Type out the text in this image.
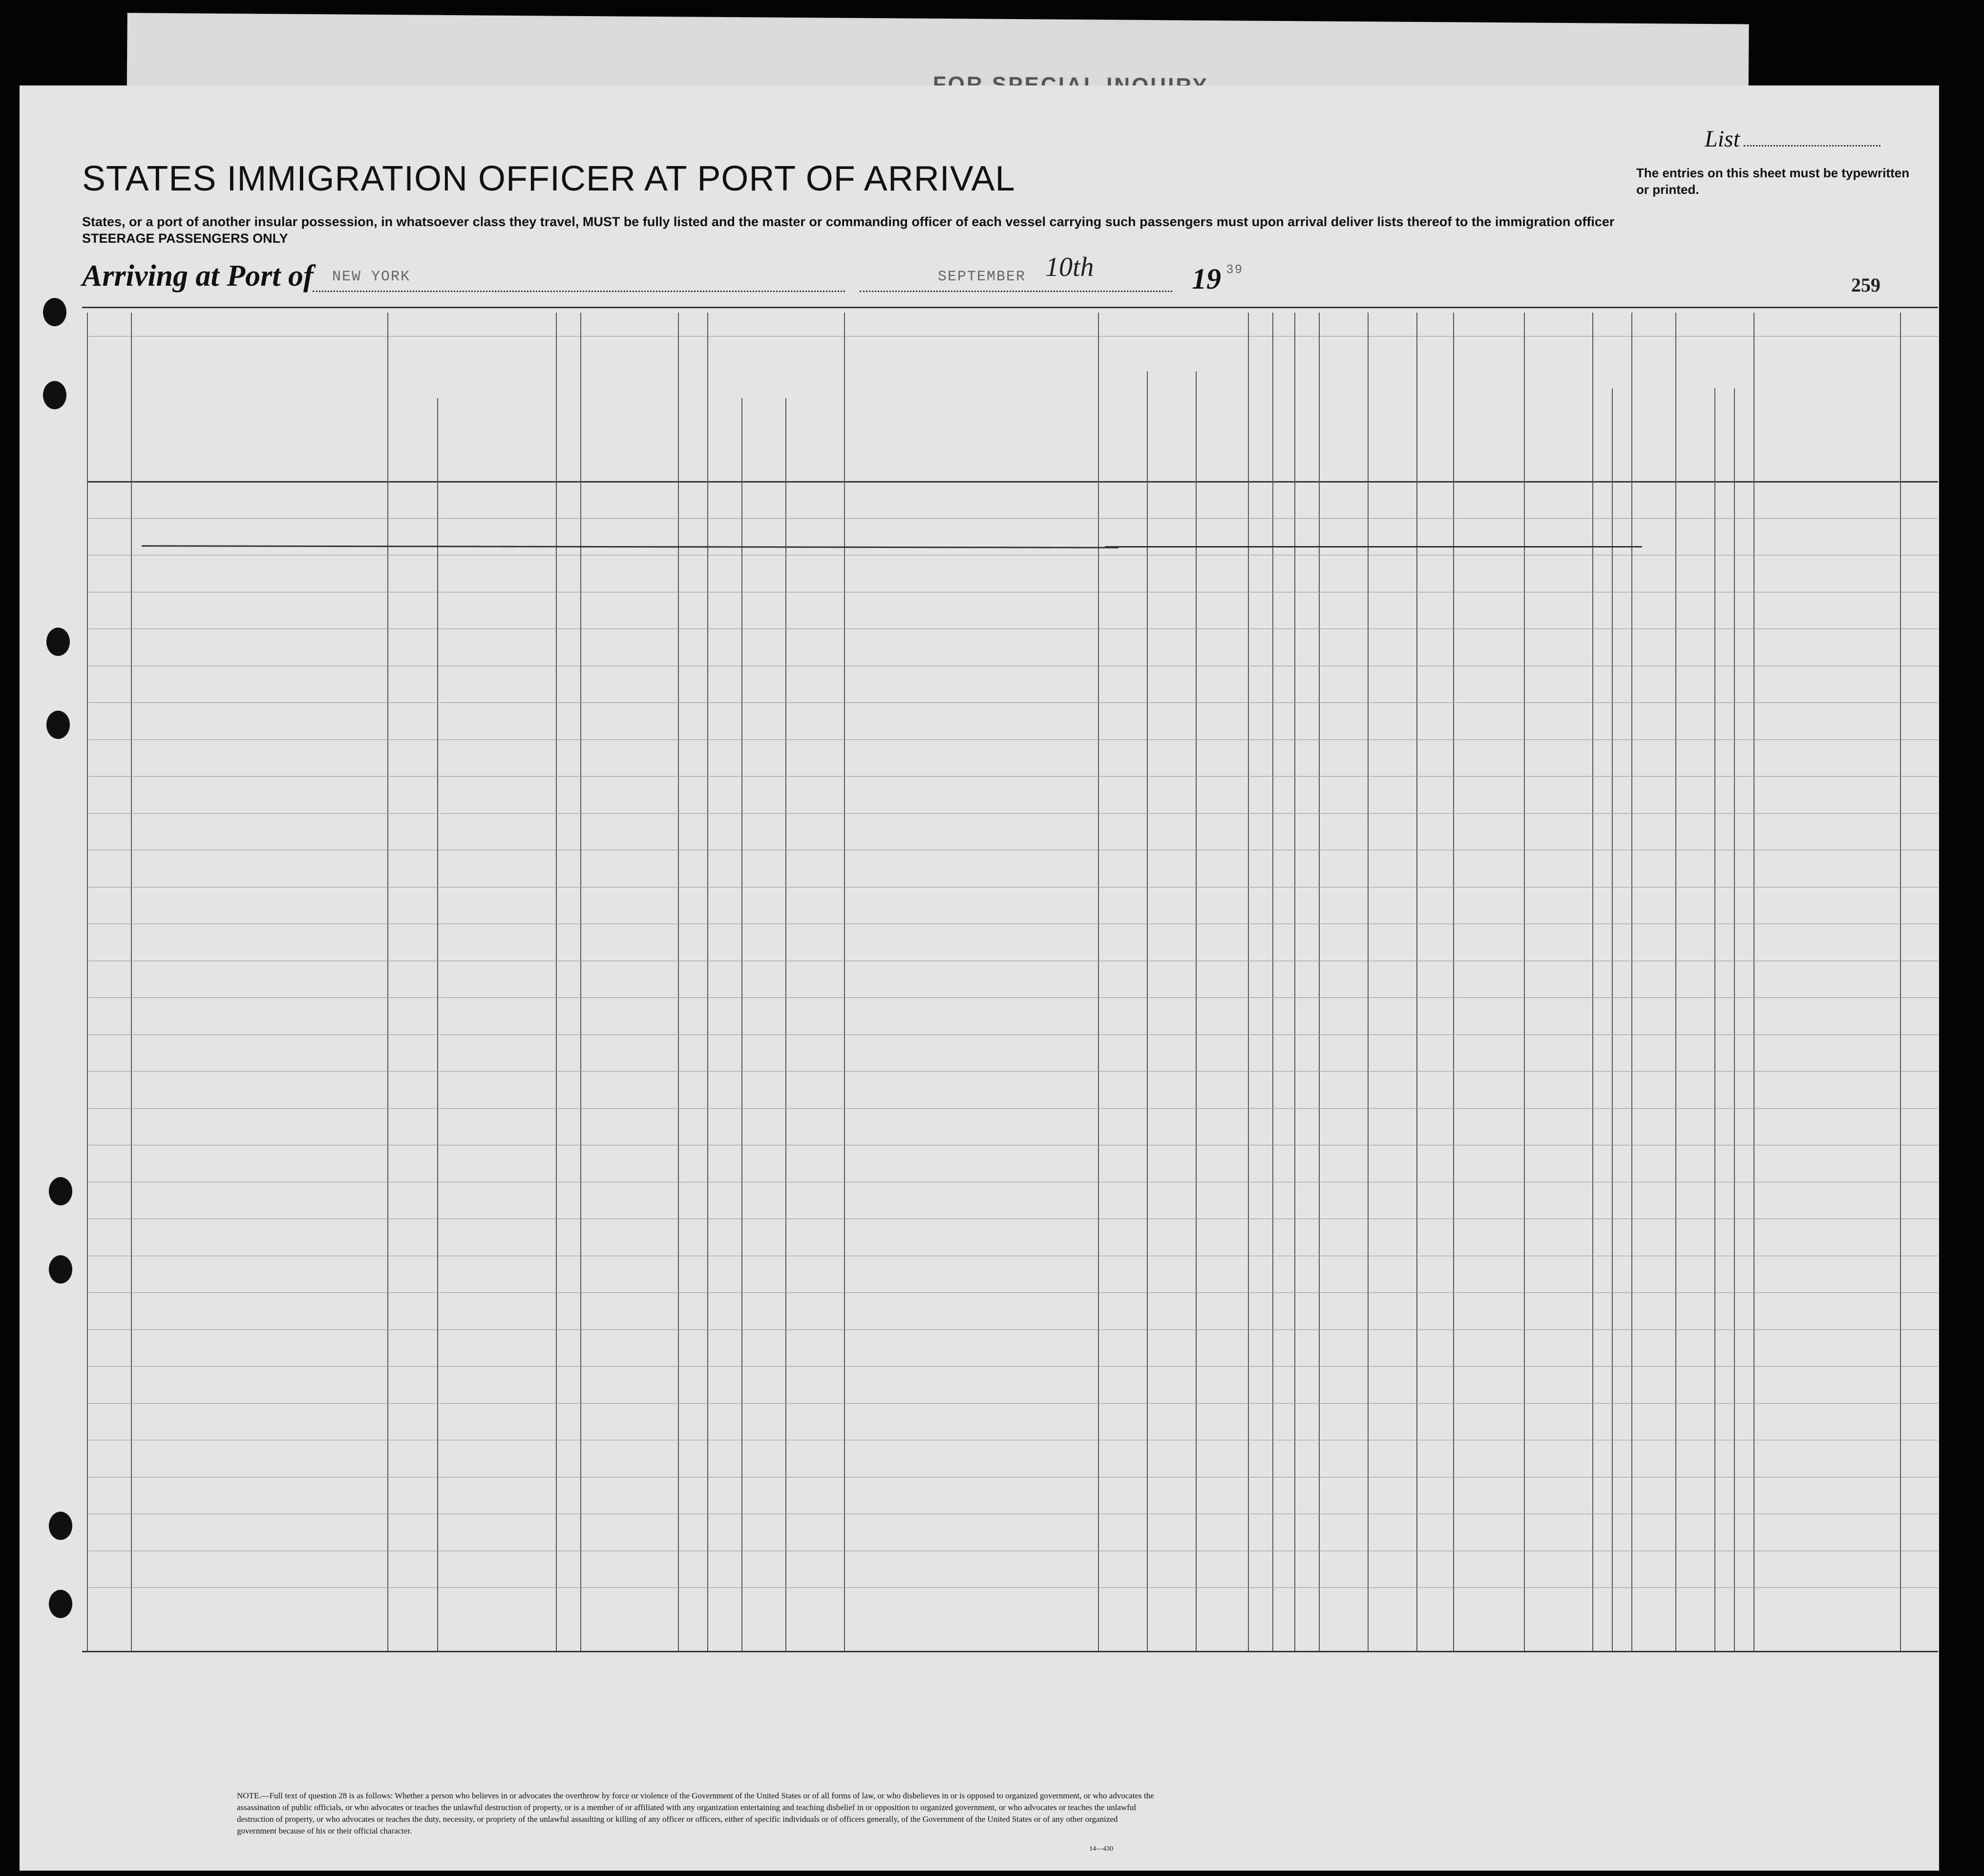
List
STATES IMMIGRATION OFFICER AT PORT OF ARRIVAL	The entries on this sheet must be typewritten or printed.
States, or a port of another insular possession, in whatsoever class they travel, MUST be fully listed and the master or commanding officer of each vessel carrying such passengers must upon arrival deliver lists thereof to the immigration officer
STEERAGE PASSENGERS ONLY
Arriving at Port of NEW YORK	SEPTEMBER 10th	19 39
259
NOTE.—Full text of question 28 is as follows: Whether a person who believes in or advocates the overthrow by force or violence of the Government of the United States or of all forms of law, or who disbelieves in or is opposed to organized government, or who advocates the assassination of public officials, or who advocates or teaches the unlawful destruction of property, or is a member of or affiliated with any organization entertaining and teaching disbelief in or opposition to organized government, or who advocates or teaches the unlawful destruction of property, or who advocates or teaches the duty, necessity, or propriety of the unlawful assaulting or killing of any officer or officers, either of specific individuals or of officers generally, of the Government of the United States or of any other organized government because of his or their official character.
14—430
